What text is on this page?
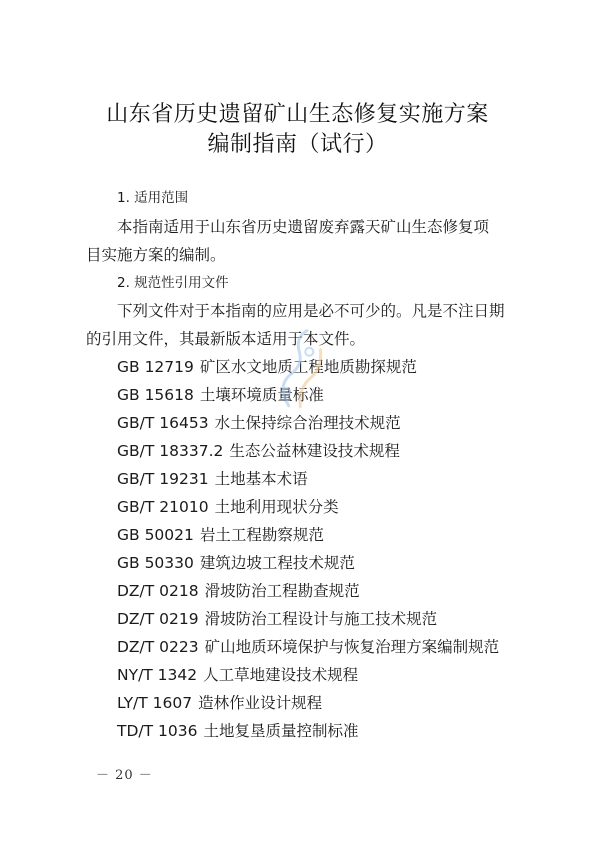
山东省历史遗留矿山生态修复实施方案
编制指南（试行）
1. 适用范围
本指南适用于山东省历史遗留废弃露天矿山生态修复项
目实施方案的编制。
2. 规范性引用文件
下列文件对于本指南的应用是必不可少的。凡是不注日期
的引用文件，其最新版本适用于本文件。
GB 12719 矿区水文地质工程地质勘探规范
GB 15618 土壤环境质量标准
GB/T 16453 水土保持综合治理技术规范
GB/T 18337.2 生态公益林建设技术规程
GB/T 19231 土地基本术语
GB/T 21010 土地利用现状分类
GB 50021 岩土工程勘察规范
GB 50330 建筑边坡工程技术规范
DZ/T 0218 滑坡防治工程勘查规范
DZ/T 0219 滑坡防治工程设计与施工技术规范
DZ/T 0223 矿山地质环境保护与恢复治理方案编制规范
NY/T 1342 人工草地建设技术规程
LY/T 1607 造林作业设计规程
TD/T 1036 土地复垦质量控制标准
－ 20 －
